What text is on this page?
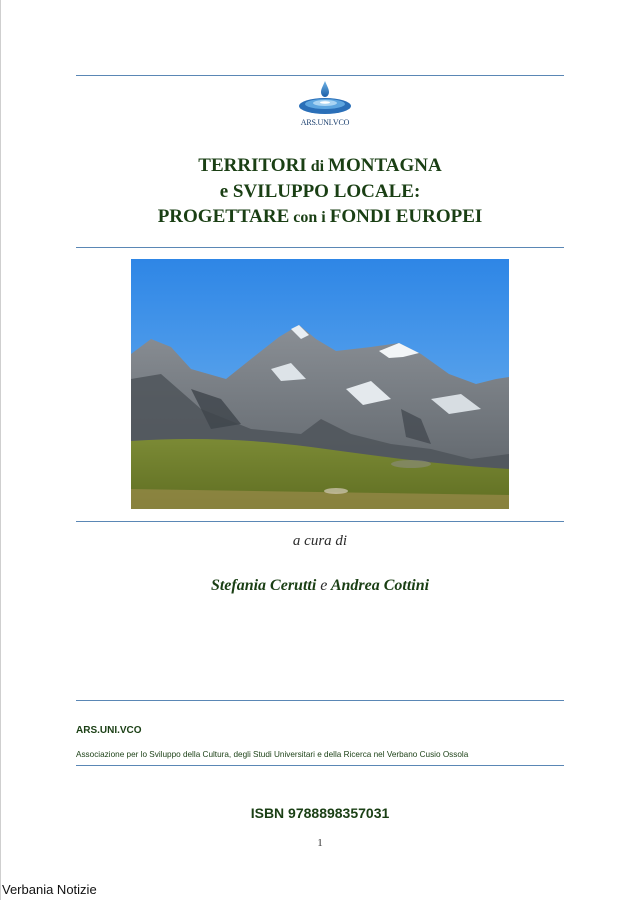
ARS.UNI.VCO
TERRITORI di MONTAGNA
e SVILUPPO LOCALE:
PROGETTARE con i FONDI EUROPEI
a cura di
Stefania Cerutti e Andrea Cottini
ARS.UNI.VCO
Associazione per lo Sviluppo della Cultura, degli Studi Universitari e della Ricerca nel Verbano Cusio Ossola
ISBN 9788898357031
1
Verbania Notizie
